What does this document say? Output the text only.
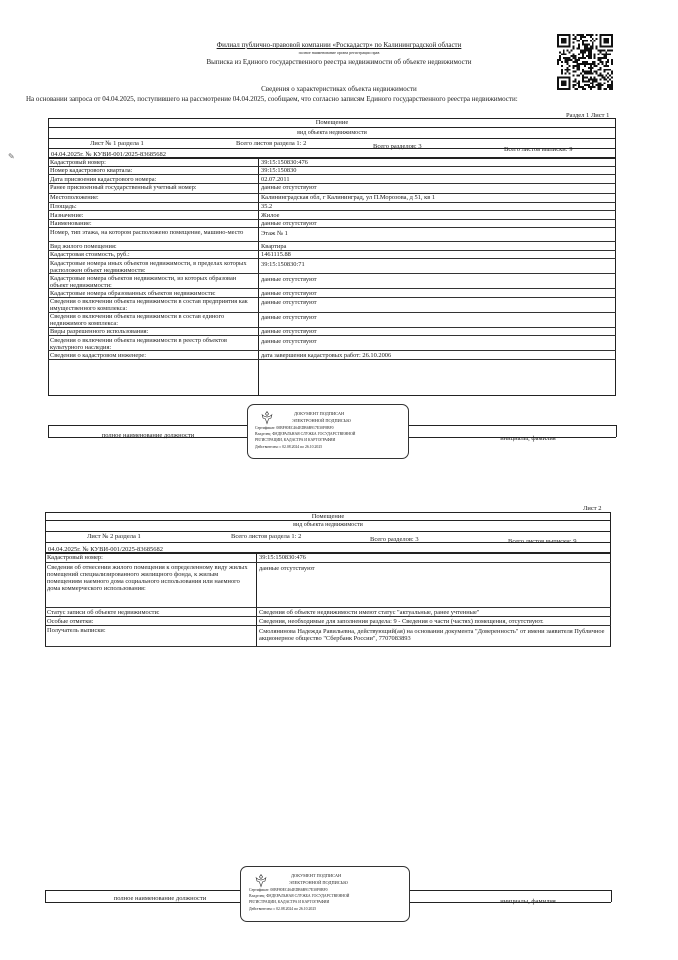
Филиал публично-правовой компании «Роскадастр» по Калининградской области
полное наименование органа регистрации прав
Выписка из Единого государственного реестра недвижимости об объекте недвижимости
Сведения о характеристиках объекта недвижимости
На основании запроса от 04.04.2025, поступившего на рассмотрение 04.04.2025, сообщаем, что согласно записям Единого государственного реестра недвижимости:
✎
Раздел 1 Лист 1
Помещение
вид объекта недвижимости
Лист № 1 раздела 1	Всего листов раздела 1: 2	Всего разделов: 3	Всего листов выписки: 9
04.04.2025г. № КУВИ-001/2025-83685682
Кадастровый номер:	39:15:150830:476
Номер кадастрового квартала:	39:15:150830
Дата присвоения кадастрового номера:	02.07.2011
Ранее присвоенный государственный учетный номер:	данные отсутствуют
Местоположение:	Калининградская обл, г Калининград, ул П.Морозова, д 51, кв 1
Площадь:	35.2
Назначение:	Жилое
Наименование:	данные отсутствуют
Номер, тип этажа, на котором расположено помещение, машино-место	Этаж № 1
Вид жилого помещения:	Квартира
Кадастровая стоимость, руб.:	1461115.88
Кадастровые номера иных объектов недвижимости, в пределах которых расположен объект недвижимости:
39:15:150830:71
Кадастровые номера объектов недвижимости, из которых образован объект недвижимости:
данные отсутствуют
Кадастровые номера образованных объектов недвижимости:	данные отсутствуют
Сведения о включении объекта недвижимости в состав предприятия как имущественного комплекса:
данные отсутствуют
Сведения о включении объекта недвижимости в состав единого недвижимого комплекса:
данные отсутствуют
Виды разрешенного использования:	данные отсутствуют
Сведения о включении объекта недвижимости в реестр объектов культурного наследия:
данные отсутствуют
Сведения о кадастровом инженере:	дата завершения кадастровых работ: 26.10.2006
полное наименование должности	инициалы, фамилия
ДОКУМЕНТ ПОДПИСАН
ЭЛЕКТРОННОЙ ПОДПИСЬЮ
Сертификат: 00BF80EC464EDB6B917E30F8BF0
Владелец: ФЕДЕРАЛЬНАЯ СЛУЖБА ГОСУДАРСТВЕННОЙ
РЕГИСТРАЦИИ, КАДАСТРА И КАРТОГРАФИИ
Действителен: с 02.08.2024 по 26.10.2025
Лист 2
Помещение
вид объекта недвижимости
Лист № 2 раздела 1	Всего листов раздела 1: 2	Всего разделов: 3	Всего листов выписки: 9
04.04.2025г. № КУВИ-001/2025-83685682
Кадастровый номер:	39:15:150830:476
Сведения об отнесении жилого помещения к определенному виду жилых помещений специализированного жилищного фонда, к жилым помещениям наемного дома социального использования или наемного дома коммерческого использования:
данные отсутствуют
Статус записи об объекте недвижимости:	Сведения об объекте недвижимости имеют статус "актуальные, ранее учтенные"
Особые отметки:	Сведения, необходимые для заполнения раздела: 9 - Сведения о части (частях) помещения, отсутствуют.
Получатель выписки:	Смолянинова Надежда Равильевна, действующий(ая) на основании документа "Доверенность" от имени заявителя Публичное акционерное общество "Сбербанк России", 7707083893
полное наименование должности	инициалы, фамилия
ДОКУМЕНТ ПОДПИСАН
ЭЛЕКТРОННОЙ ПОДПИСЬЮ
Сертификат: 00BF80EC464EDB6B917E30F8BF0
Владелец: ФЕДЕРАЛЬНАЯ СЛУЖБА ГОСУДАРСТВЕННОЙ
РЕГИСТРАЦИИ, КАДАСТРА И КАРТОГРАФИИ
Действителен: с 02.08.2024 по 26.10.2025
